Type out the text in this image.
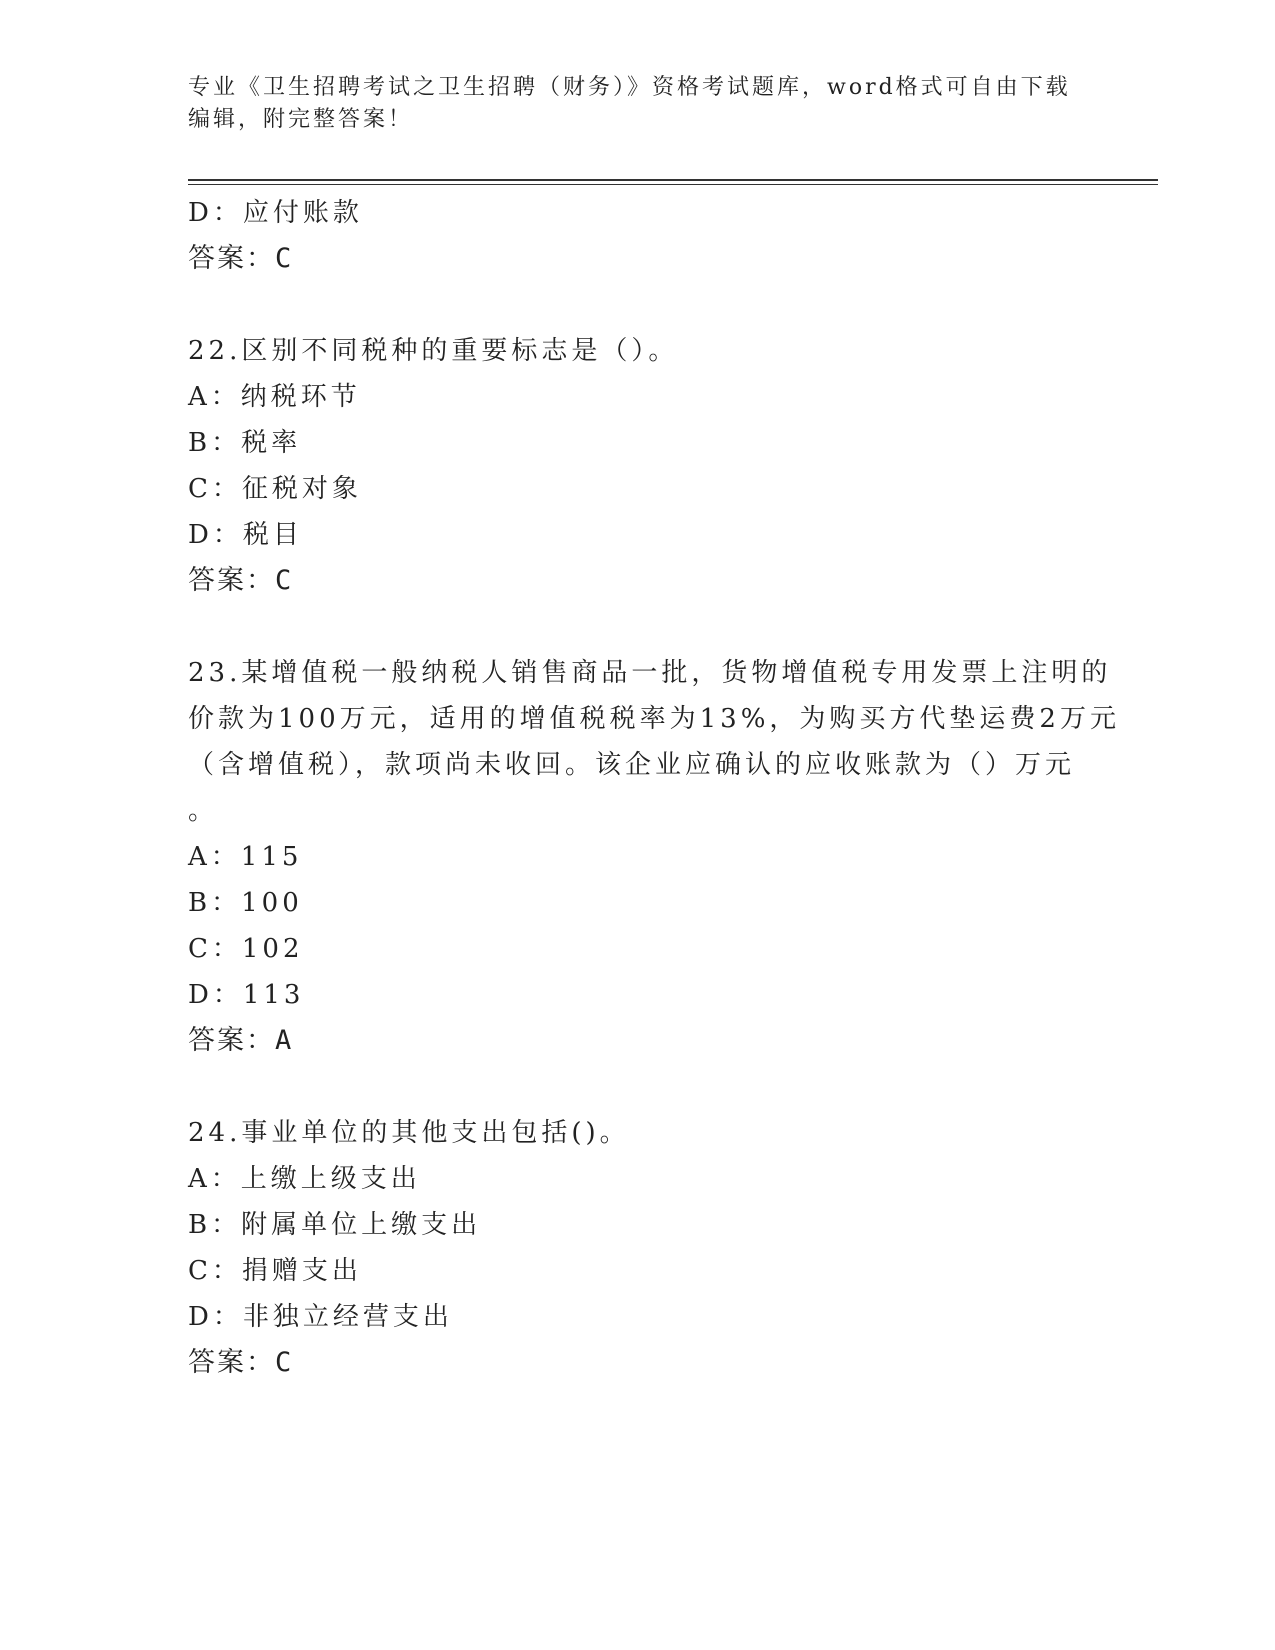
专业《卫生招聘考试之卫生招聘（财务）》资格考试题库，word格式可自由下载
编辑，附完整答案！
D：应付账款
答案：C
22.区别不同税种的重要标志是（）。
A：纳税环节
B：税率
C：征税对象
D：税目
答案：C
23.某增值税一般纳税人销售商品一批，货物增值税专用发票上注明的
价款为100万元，适用的增值税税率为13%，为购买方代垫运费2万元
（含增值税），款项尚未收回。该企业应确认的应收账款为（）万元
。
A：115
B：100
C：102
D：113
答案：A
24.事业单位的其他支出包括()。
A：上缴上级支出
B：附属单位上缴支出
C：捐赠支出
D：非独立经营支出
答案：C
